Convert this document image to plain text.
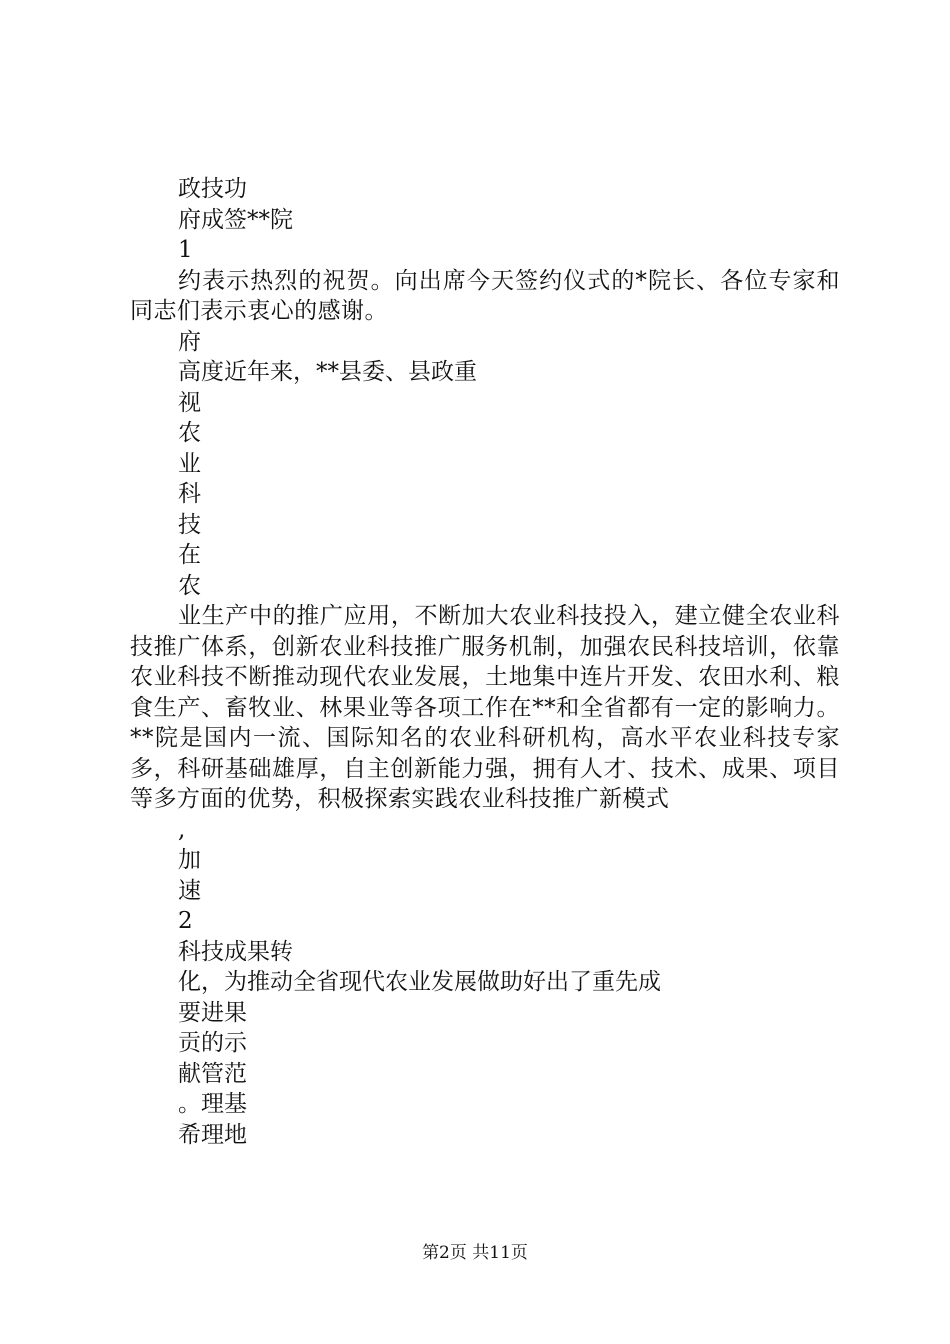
政技功
府成签**院
1
约表示热烈的祝贺。向出席今天签约仪式的*院长、各位专家和同志们表示衷心的感谢。
府
高度近年来，**县委、县政重
视
农
业
科
技
在
农
业生产中的推广应用，不断加大农业科技投入，建立健全农业科技推广体系，创新农业科技推广服务机制，加强农民科技培训，依靠农业科技不断推动现代农业发展，土地集中连片开发、农田水利、粮食生产、畜牧业、林果业等各项工作在**和全省都有一定的影响力。**院是国内一流、国际知名的农业科研机构，高水平农业科技专家多，科研基础雄厚，自主创新能力强，拥有人才、技术、成果、项目等多方面的优势，积极探索实践农业科技推广新模式
,
加
速
2
科技成果转
化，为推动全省现代农业发展做助好出了重先成
要进果
贡的示
献管范
。理基
希理地
第2页 共11页
